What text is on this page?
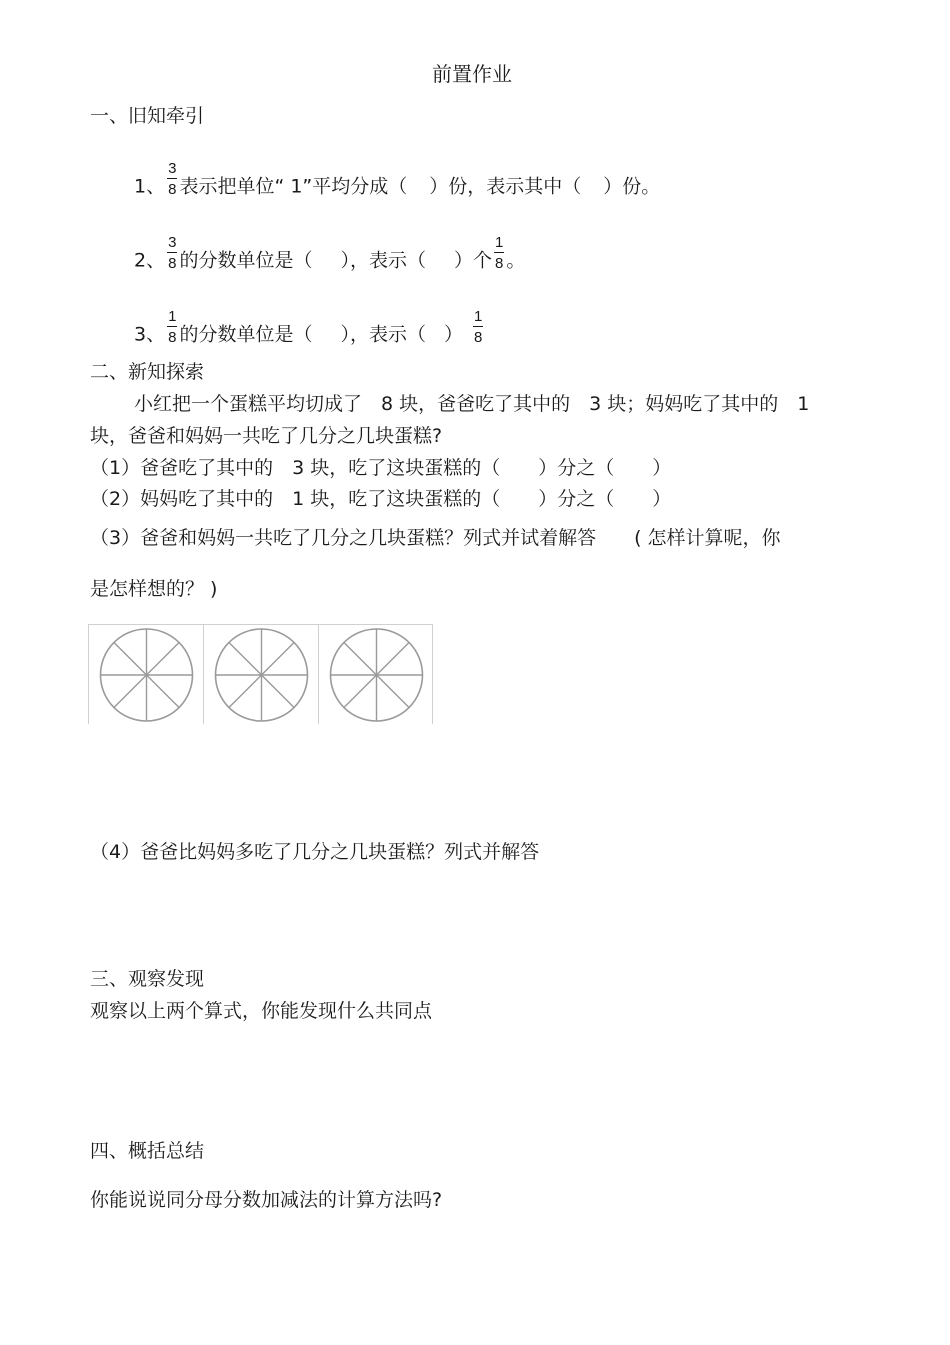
前置作业
一、旧知牵引
1、 $\frac{3}{8}$ 表示把单位“ 1”平均分成（ ）份，表示其中（ ）份。
2、 $\frac{3}{8}$ 的分数单位是（ ），表示（ ）个 $\frac{1}{8}$ 。
3、 $\frac{1}{8}$ 的分数单位是（ ），表示（ ） $\frac{1}{8}$
二、新知探索
小红把一个蛋糕平均切成了　8 块，爸爸吃了其中的　3 块；妈妈吃了其中的　1
块，爸爸和妈妈一共吃了几分之几块蛋糕?
（1）爸爸吃了其中的　3 块，吃了这块蛋糕的（　　）分之（　　）
（2）妈妈吃了其中的　1 块，吃了这块蛋糕的（　　）分之（　　）
（3）爸爸和妈妈一共吃了几分之几块蛋糕？列式并试着解答　　( 怎样计算呢，你
是怎样想的？ )
（4）爸爸比妈妈多吃了几分之几块蛋糕？列式并解答
三、观察发现
观察以上两个算式，你能发现什么共同点
四、概括总结
你能说说同分母分数加减法的计算方法吗?
